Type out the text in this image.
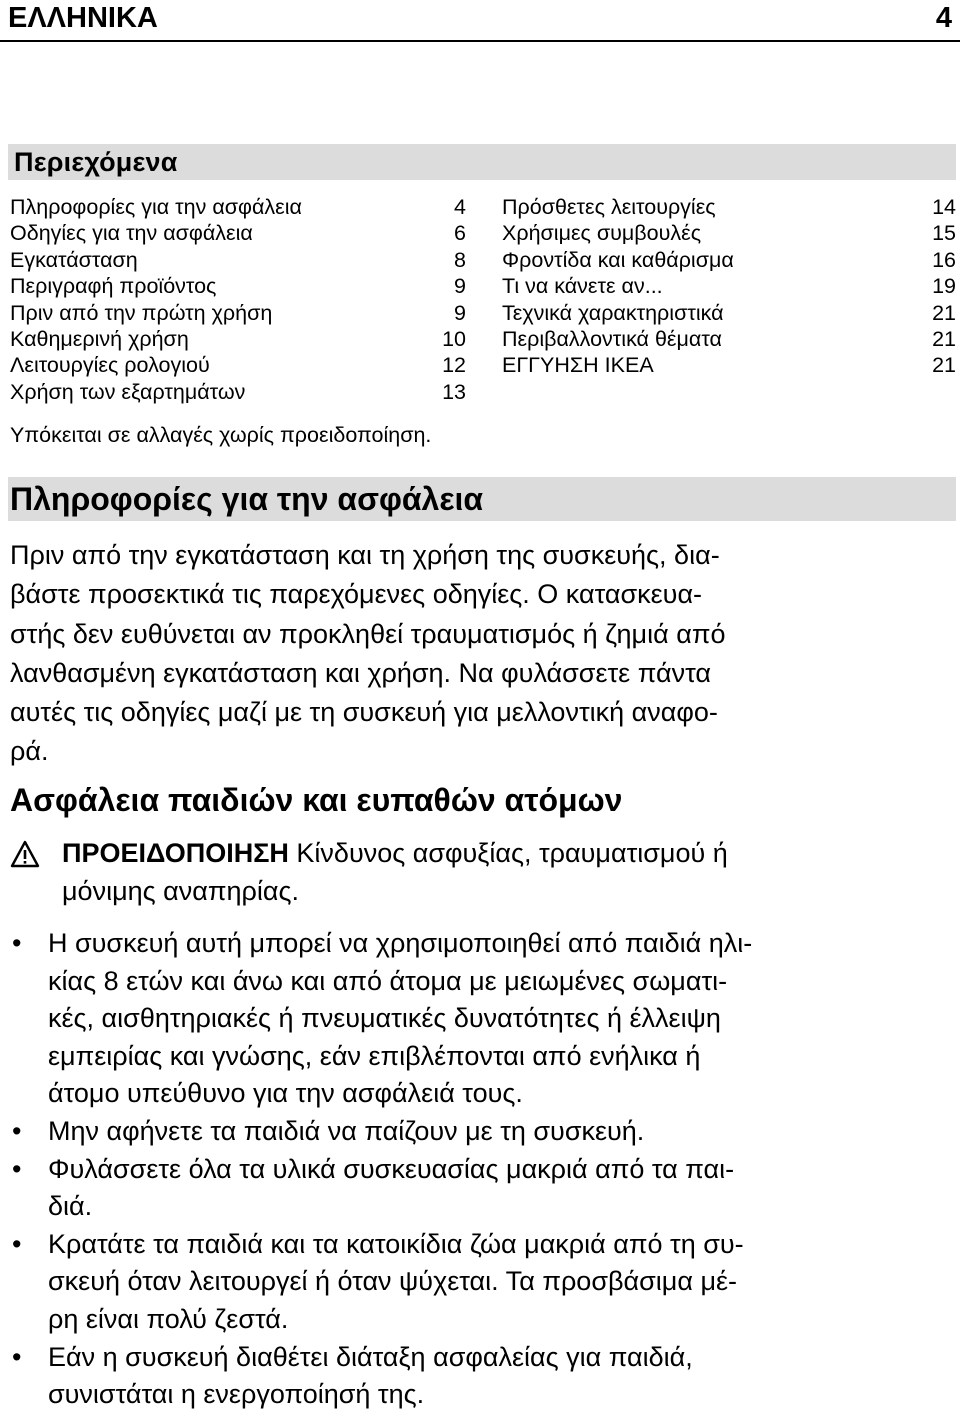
ΕΛΛΗΝΙΚΑ	4
Περιεχόμενα
Πληροφορίες για την ασφάλεια	4
Οδηγίες για την ασφάλεια	6
Εγκατάσταση	8
Περιγραφή προϊόντος	9
Πριν από την πρώτη χρήση	9
Καθημερινή χρήση	10
Λειτουργίες ρολογιού	12
Χρήση των εξαρτημάτων	13
Πρόσθετες λειτουργίες	14
Χρήσιμες συμβουλές	15
Φροντίδα και καθάρισμα	16
Τι να κάνετε αν...	19
Τεχνικά χαρακτηριστικά	21
Περιβαλλοντικά θέματα	21
ΕΓΓΥΗΣΗ IKEA	21
Υπόκειται σε αλλαγές χωρίς προειδοποίηση.
Πληροφορίες για την ασφάλεια
Πριν από την εγκατάσταση και τη χρήση της συσκευής, δια-
βάστε προσεκτικά τις παρεχόμενες οδηγίες. Ο κατασκευα-
στής δεν ευθύνεται αν προκληθεί τραυματισμός ή ζημιά από
λανθασμένη εγκατάσταση και χρήση. Να φυλάσσετε πάντα
αυτές τις οδηγίες μαζί με τη συσκευή για μελλοντική αναφο-
ρά.
Ασφάλεια παιδιών και ευπαθών ατόμων
ΠΡΟΕΙΔΟΠΟΙΗΣΗ Κίνδυνος ασφυξίας, τραυματισμού ή
μόνιμης αναπηρίας.
• Η συσκευή αυτή μπορεί να χρησιμοποιηθεί από παιδιά ηλι-
κίας 8 ετών και άνω και από άτομα με μειωμένες σωματι-
κές, αισθητηριακές ή πνευματικές δυνατότητες ή έλλειψη
εμπειρίας και γνώσης, εάν επιβλέπονται από ενήλικα ή
άτομο υπεύθυνο για την ασφάλειά τους.
• Μην αφήνετε τα παιδιά να παίζουν με τη συσκευή.
• Φυλάσσετε όλα τα υλικά συσκευασίας μακριά από τα παι-
διά.
• Κρατάτε τα παιδιά και τα κατοικίδια ζώα μακριά από τη συ-
σκευή όταν λειτουργεί ή όταν ψύχεται. Τα προσβάσιμα μέ-
ρη είναι πολύ ζεστά.
• Εάν η συσκευή διαθέτει διάταξη ασφαλείας για παιδιά,
συνιστάται η ενεργοποίησή της.
